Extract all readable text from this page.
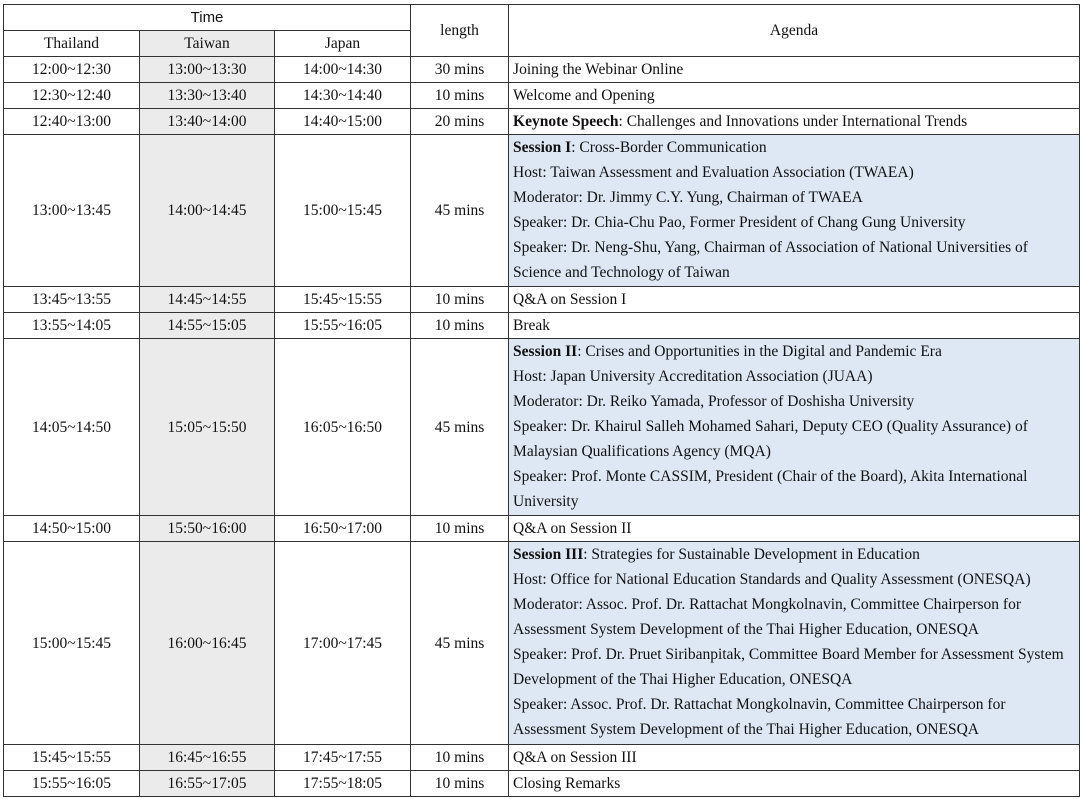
Time			length	Agenda
Thailand	Taiwan	Japan		
12:00~12:30	13:00~13:30	14:00~14:30	30 mins	Joining the Webinar Online
12:30~12:40	13:30~13:40	14:30~14:40	10 mins	Welcome and Opening
12:40~13:00	13:40~14:00	14:40~15:00	20 mins	Keynote Speech: Challenges and Innovations under International Trends
13:00~13:45	14:00~14:45	15:00~15:45	45 mins	Session I: Cross-Border Communication
Host: Taiwan Assessment and Evaluation Association (TWAEA)
Moderator: Dr. Jimmy C.Y. Yung, Chairman of TWAEA
Speaker: Dr. Chia-Chu Pao, Former President of Chang Gung University
Speaker: Dr. Neng-Shu, Yang, Chairman of Association of National Universities of Science and Technology of Taiwan

13:45~13:55	14:45~14:55	15:45~15:55	10 mins	Q&A on Session I
13:55~14:05	14:55~15:05	15:55~16:05	10 mins	Break
14:05~14:50	15:05~15:50	16:05~16:50	45 mins	Session II: Crises and Opportunities in the Digital and Pandemic Era
Host: Japan University Accreditation Association (JUAA)
Moderator: Dr. Reiko Yamada, Professor of Doshisha University
Speaker: Dr. Khairul Salleh Mohamed Sahari, Deputy CEO (Quality Assurance) of Malaysian Qualifications Agency (MQA)
Speaker: Prof. Monte CASSIM, President (Chair of the Board), Akita International University

14:50~15:00	15:50~16:00	16:50~17:00	10 mins	Q&A on Session II
15:00~15:45	16:00~16:45	17:00~17:45	45 mins	Session III: Strategies for Sustainable Development in Education
Host: Office for National Education Standards and Quality Assessment (ONESQA)
Moderator: Assoc. Prof. Dr. Rattachat Mongkolnavin, Committee Chairperson for Assessment System Development of the Thai Higher Education, ONESQA
Speaker: Prof. Dr. Pruet Siribanpitak, Committee Board Member for Assessment System Development of the Thai Higher Education, ONESQA
Speaker: Assoc. Prof. Dr. Rattachat Mongkolnavin, Committee Chairperson for Assessment System Development of the Thai Higher Education, ONESQA

15:45~15:55	16:45~16:55	17:45~17:55	10 mins	Q&A on Session III
15:55~16:05	16:55~17:05	17:55~18:05	10 mins	Closing Remarks
